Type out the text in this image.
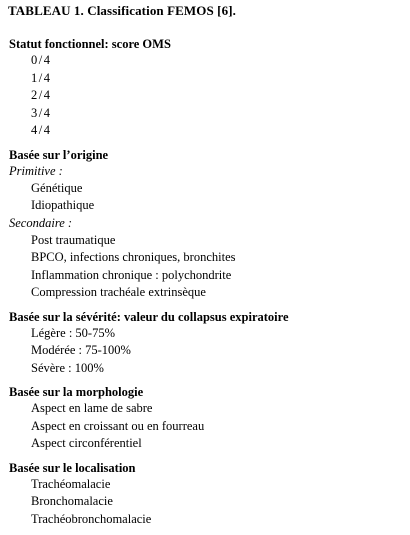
TABLEAU 1. Classification FEMOS [6].
Statut fonctionnel: score OMS
0/4
1/4
2/4
3/4
4/4
Basée sur l’origine
Primitive :
Génétique
Idiopathique
Secondaire :
Post traumatique
BPCO, infections chroniques, bronchites
Inflammation chronique : polychondrite
Compression trachéale extrinsèque
Basée sur la sévérité: valeur du collapsus expiratoire
Légère : 50-75%
Modérée : 75-100%
Sévère : 100%
Basée sur la morphologie
Aspect en lame de sabre
Aspect en croissant ou en fourreau
Aspect circonférentiel
Basée sur le localisation
Trachéomalacie
Bronchomalacie
Trachéobronchomalacie
